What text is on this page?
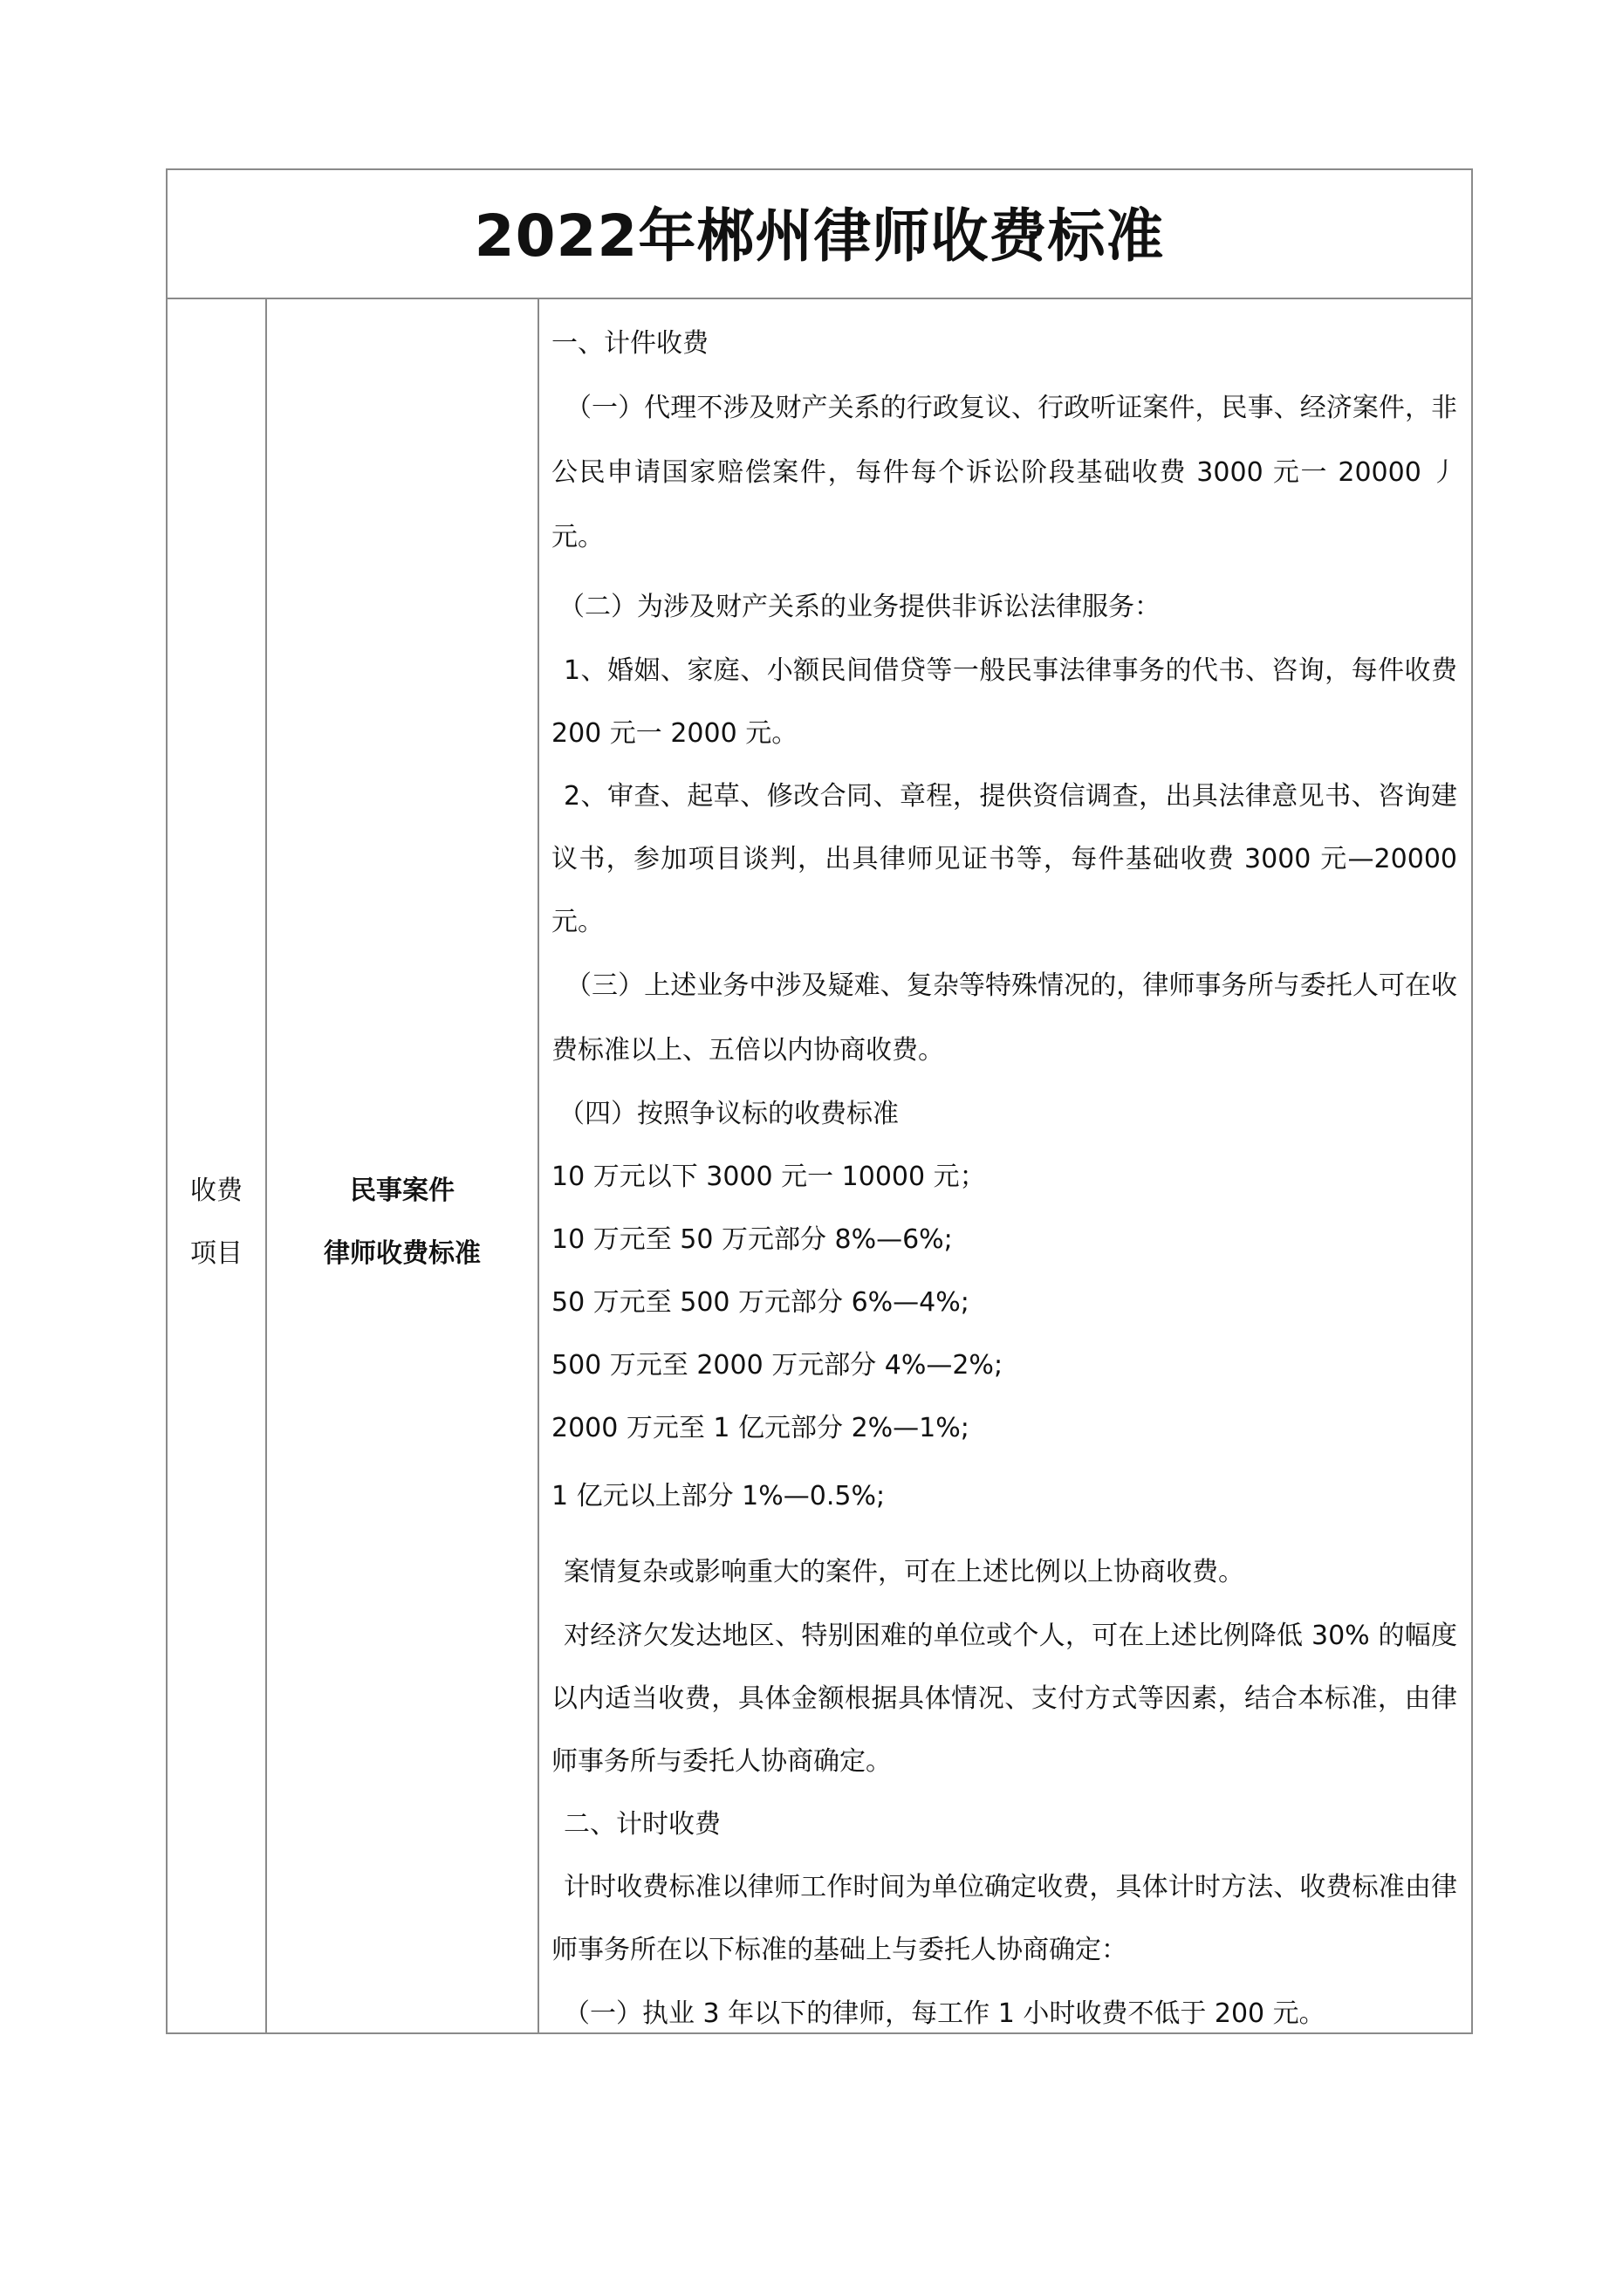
2022年郴州律师收费标准
收费
项目
民事案件
律师收费标准

一、计件收费

（一）代理不涉及财产关系的行政复议、行政听证案件，民事、经济案件，非公民申请国家赔偿案件，每件每个诉讼阶段基础收费 3000 元一 20000 丿元。

（二）为涉及财产关系的业务提供非诉讼法律服务：

1、婚姻、家庭、小额民间借贷等一般民事法律事务的代书、咨询，每件收费 200 元一 2000 元。

2、审查、起草、修改合同、章程，提供资信调查，出具法律意见书、咨询建议书，参加项目谈判，出具律师见证书等，每件基础收费 3000 元—20000 元。

（三）上述业务中涉及疑难、复杂等特殊情况的，律师事务所与委托人可在收费标准以上、五倍以内协商收费。

（四）按照争议标的收费标准

10 万元以下 3000 元一 10000 元；

10 万元至 50 万元部分 8%—6%;

50 万元至 500 万元部分 6%—4%;

500 万元至 2000 万元部分 4%—2%;

2000 万元至 1 亿元部分 2%—1%;

1 亿元以上部分 1%—0.5%;

案情复杂或影响重大的案件，可在上述比例以上协商收费。

对经济欠发达地区、特别困难的单位或个人，可在上述比例降低 30% 的幅度以内适当收费，具体金额根据具体情况、支付方式等因素，结合本标准，由律师事务所与委托人协商确定。

二、计时收费

计时收费标准以律师工作时间为单位确定收费，具体计时方法、收费标准由律师事务所在以下标准的基础上与委托人协商确定：

（一）执业 3 年以下的律师，每工作 1 小时收费不低于 200 元。
